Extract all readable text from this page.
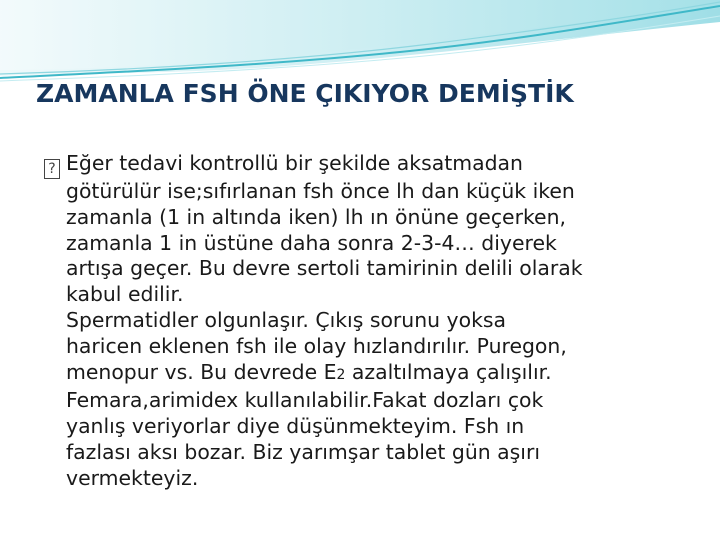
ZAMANLA FSH ÖNE ÇIKIYOR DEMİŞTİK
? Eğer tedavi kontrollü bir şekilde aksatmadan
götürülür ise;sıfırlanan fsh önce lh dan küçük iken
zamanla (1 in altında iken) lh ın önüne geçerken,
zamanla 1 in üstüne daha sonra 2-3-4… diyerek
artışa geçer. Bu devre sertoli tamirinin delili olarak
kabul edilir.
Spermatidler olgunlaşır. Çıkış sorunu yoksa
haricen eklenen fsh ile olay hızlandırılır. Puregon,
menopur vs. Bu devrede E2 azaltılmaya çalışılır.
Femara,arimidex kullanılabilir.Fakat dozları çok
yanlış veriyorlar diye düşünmekteyim. Fsh ın
fazlası aksı bozar. Biz yarımşar tablet gün aşırı
vermekteyiz.
